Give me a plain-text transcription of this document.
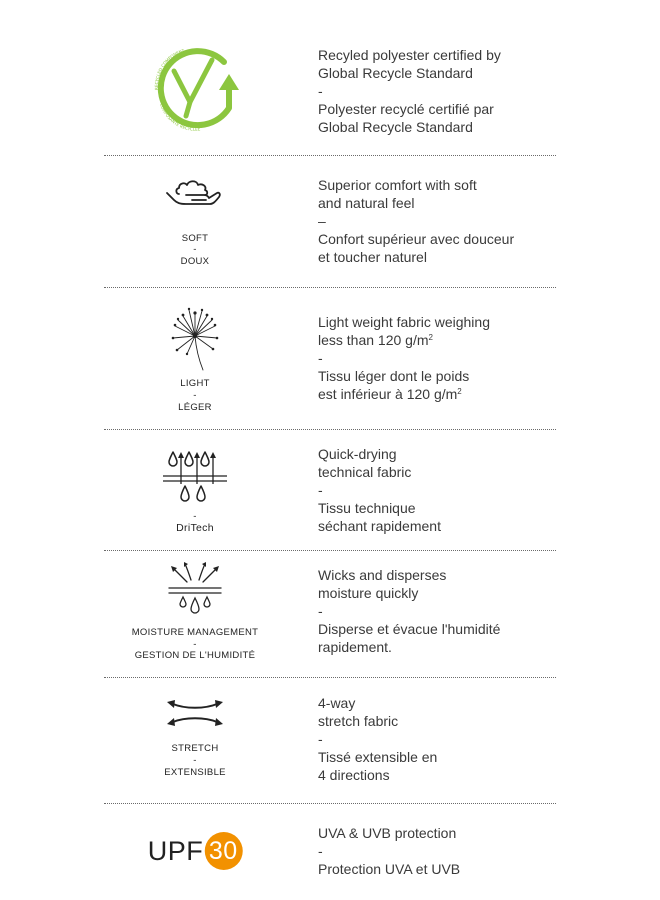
RECYCLED COMPONENT
COMPOSANTE RECYCLÉE

Recyled polyester certified by

Global Recycle Standard

-

Polyester recyclé certifié par

Global Recycle Standard

SOFT
-
DOUX

Superior comfort with soft

and natural feel

–

Confort supérieur avec douceur

et toucher naturel

LIGHT
-
LÉGER

Light weight fabric weighing

less than 120 $g/m^2$

-

Tissu léger dont le poids

est inférieur à 120 $g/m^2$

-
DriTech

Quick-drying

technical fabric

-

Tissu technique

séchant rapidement

MOISTURE MANAGEMENT
-
GESTION DE L'HUMIDITÉ

Wicks and disperses

moisture quickly

-

Disperse et évacue l'humidité

rapidement.

STRETCH
-
EXTENSIBLE

4-way

stretch fabric

-

Tissé extensible en

4 directions

UPF 30

UVA & UVB protection

-

Protection UVA et UVB
